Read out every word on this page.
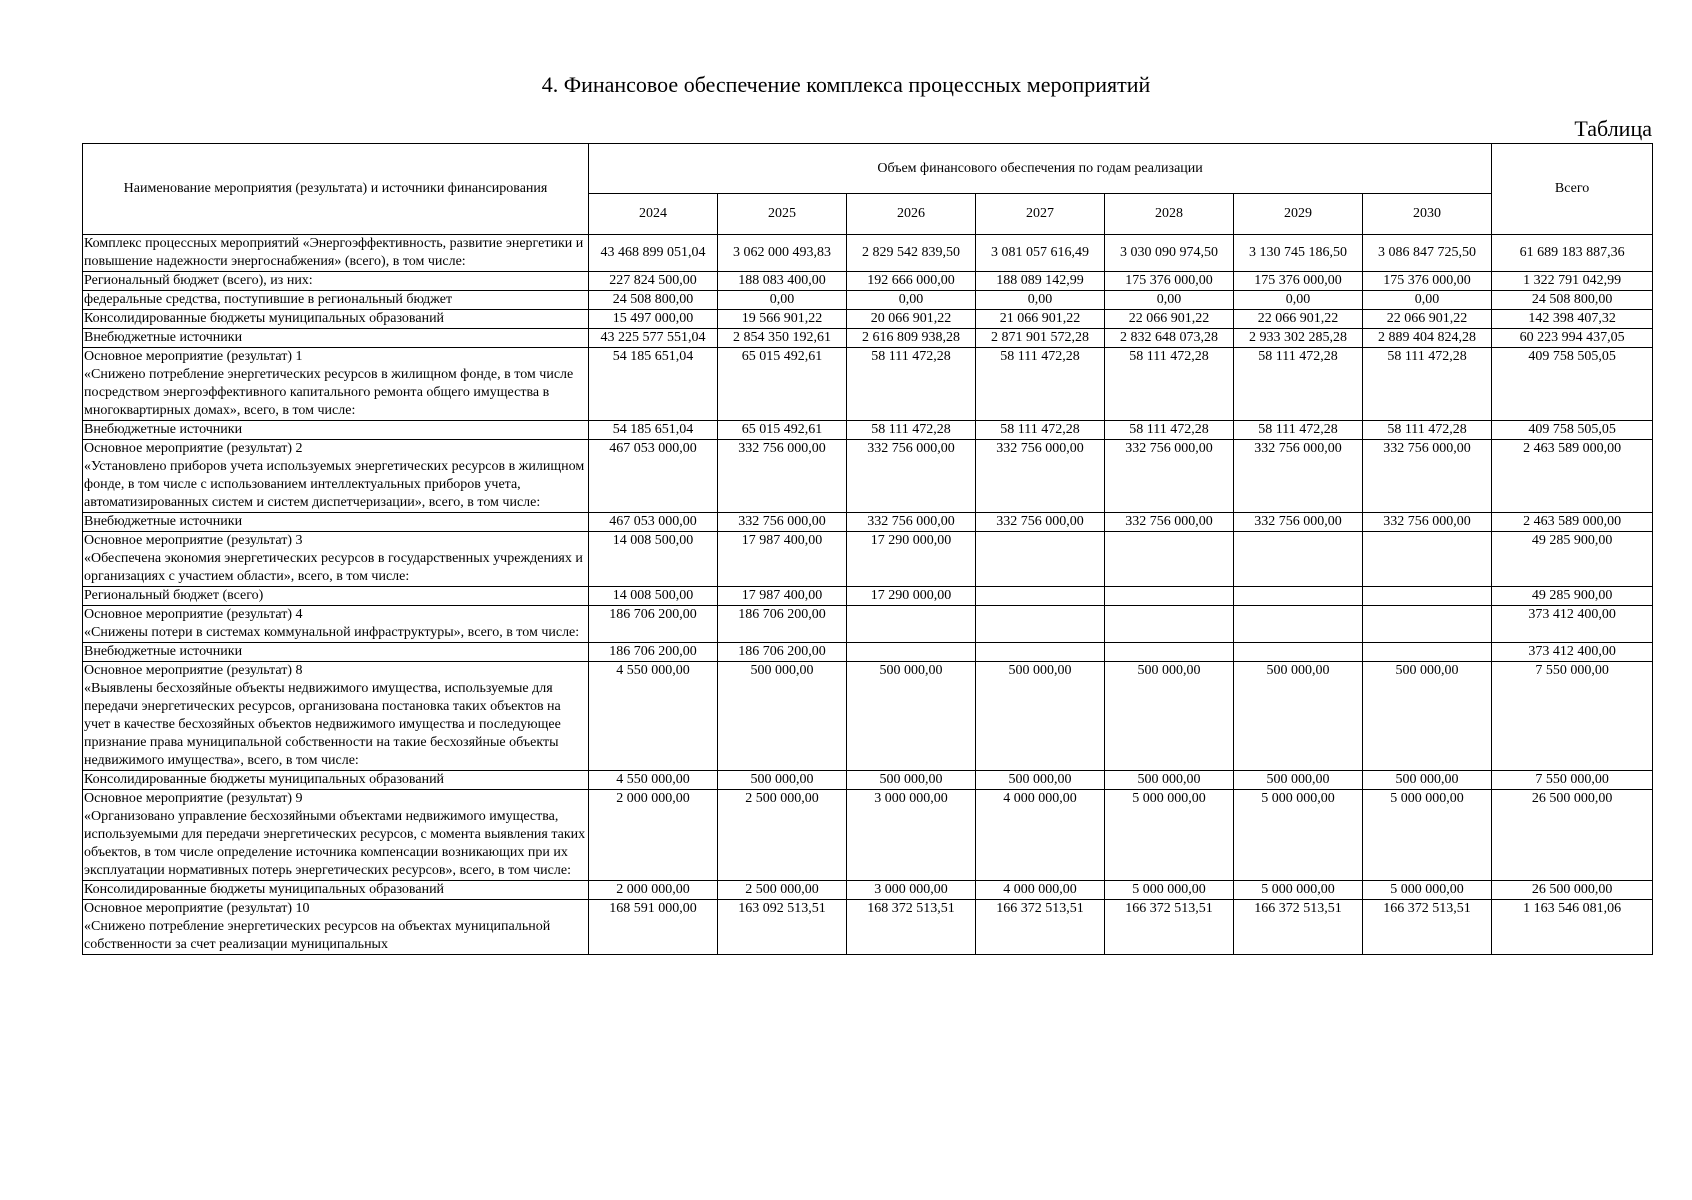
4. Финансовое обеспечение комплекса процессных мероприятий
Таблица
Наименование мероприятия (результата) и источники финансирования	Объем финансового обеспечения по годам реализации							Всего
	2024	2025	2026	2027	2028	2029	2030	
Комплекс процессных мероприятий «Энергоэффективность, развитие энергетики и повышение надежности энергоснабжения» (всего), в том числе:	43 468 899 051,04	3 062 000 493,83	2 829 542 839,50	3 081 057 616,49	3 030 090 974,50	3 130 745 186,50	3 086 847 725,50	61 689 183 887,36
Региональный бюджет (всего), из них:	227 824 500,00	188 083 400,00	192 666 000,00	188 089 142,99	175 376 000,00	175 376 000,00	175 376 000,00	1 322 791 042,99
федеральные средства, поступившие в региональный бюджет	24 508 800,00	0,00	0,00	0,00	0,00	0,00	0,00	24 508 800,00
Консолидированные бюджеты муниципальных образований	15 497 000,00	19 566 901,22	20 066 901,22	21 066 901,22	22 066 901,22	22 066 901,22	22 066 901,22	142 398 407,32
Внебюджетные источники	43 225 577 551,04	2 854 350 192,61	2 616 809 938,28	2 871 901 572,28	2 832 648 073,28	2 933 302 285,28	2 889 404 824,28	60 223 994 437,05
Основное мероприятие (результат) 1
«Снижено потребление энергетических ресурсов в жилищном фонде, в том числе посредством энергоэффективного капитального ремонта общего имущества в многоквартирных домах», всего, в том числе:	54 185 651,04	65 015 492,61	58 111 472,28	58 111 472,28	58 111 472,28	58 111 472,28	58 111 472,28	409 758 505,05
Внебюджетные источники	54 185 651,04	65 015 492,61	58 111 472,28	58 111 472,28	58 111 472,28	58 111 472,28	58 111 472,28	409 758 505,05
Основное мероприятие (результат) 2
«Установлено приборов учета используемых энергетических ресурсов в жилищном фонде, в том числе с использованием интеллектуальных приборов учета, автоматизированных систем и систем диспетчеризации», всего, в том числе:	467 053 000,00	332 756 000,00	332 756 000,00	332 756 000,00	332 756 000,00	332 756 000,00	332 756 000,00	2 463 589 000,00
Внебюджетные источники	467 053 000,00	332 756 000,00	332 756 000,00	332 756 000,00	332 756 000,00	332 756 000,00	332 756 000,00	2 463 589 000,00
Основное мероприятие (результат) 3
«Обеспечена экономия энергетических ресурсов в государственных учреждениях и организациях с участием области», всего, в том числе:	14 008 500,00	17 987 400,00	17 290 000,00					49 285 900,00
Региональный бюджет (всего)	14 008 500,00	17 987 400,00	17 290 000,00					49 285 900,00
Основное мероприятие (результат) 4
«Снижены потери в системах коммунальной инфраструктуры», всего, в том числе:	186 706 200,00	186 706 200,00						373 412 400,00
Внебюджетные источники	186 706 200,00	186 706 200,00						373 412 400,00
Основное мероприятие (результат) 8
«Выявлены бесхозяйные объекты недвижимого имущества, используемые для передачи энергетических ресурсов, организована постановка таких объектов на учет в качестве бесхозяйных объектов недвижимого имущества и последующее признание права муниципальной собственности на такие бесхозяйные объекты недвижимого имущества», всего, в том числе:	4 550 000,00	500 000,00	500 000,00	500 000,00	500 000,00	500 000,00	500 000,00	7 550 000,00
Консолидированные бюджеты муниципальных образований	4 550 000,00	500 000,00	500 000,00	500 000,00	500 000,00	500 000,00	500 000,00	7 550 000,00
Основное мероприятие (результат) 9
«Организовано управление бесхозяйными объектами недвижимого имущества, используемыми для передачи энергетических ресурсов, с момента выявления таких объектов, в том числе определение источника компенсации возникающих при их эксплуатации нормативных потерь энергетических ресурсов», всего, в том числе:	2 000 000,00	2 500 000,00	3 000 000,00	4 000 000,00	5 000 000,00	5 000 000,00	5 000 000,00	26 500 000,00
Консолидированные бюджеты муниципальных образований	2 000 000,00	2 500 000,00	3 000 000,00	4 000 000,00	5 000 000,00	5 000 000,00	5 000 000,00	26 500 000,00
Основное мероприятие (результат) 10
«Снижено потребление энергетических ресурсов на объектах муниципальной собственности за счет реализации муниципальных	168 591 000,00	163 092 513,51	168 372 513,51	166 372 513,51	166 372 513,51	166 372 513,51	166 372 513,51	1 163 546 081,06
